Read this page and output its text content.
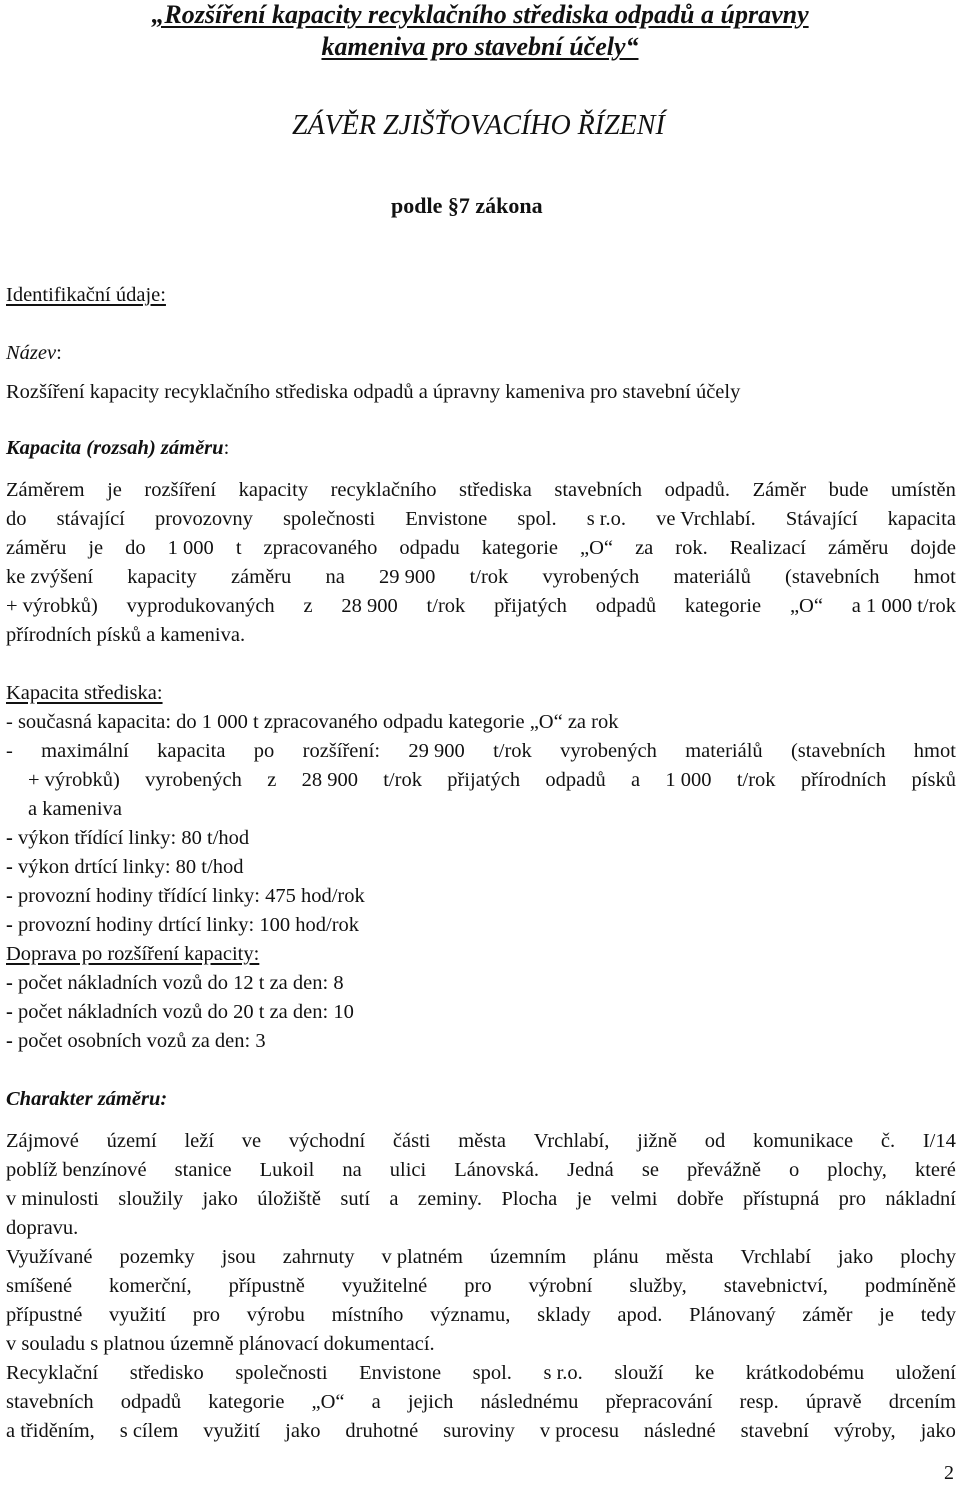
„Rozšíření kapacity recyklačního střediska odpadů a úpravny
kameniva pro stavební účely“
ZÁVĚR ZJIŠŤOVACÍHO ŘÍZENÍ
podle §7 zákona
Identifikační údaje:
Název:
Rozšíření kapacity recyklačního střediska odpadů a úpravny kameniva pro stavební účely
Kapacita (rozsah) záměru:
Záměrem je rozšíření kapacity recyklačního střediska stavebních odpadů. Záměr bude umístěn
do stávající provozovny společnosti Envistone spol. s r.o. ve Vrchlabí. Stávající kapacita
záměru je do 1 000 t zpracovaného odpadu kategorie „O“ za rok. Realizací záměru dojde
ke zvýšení kapacity záměru na 29 900 t/rok vyrobených materiálů (stavebních hmot
+ výrobků) vyprodukovaných z 28 900 t/rok přijatých odpadů kategorie „O“ a 1 000 t/rok
přírodních písků a kameniva.
Kapacita střediska:
- současná kapacita: do 1 000 t zpracovaného odpadu kategorie „O“ za rok
- maximální kapacita po rozšíření: 29 900 t/rok vyrobených materiálů (stavebních hmot
+ výrobků) vyrobených z 28 900 t/rok přijatých odpadů a 1 000 t/rok přírodních písků
a kameniva
- výkon třídící linky: 80 t/hod
- výkon drtící linky: 80 t/hod
- provozní hodiny třídící linky: 475 hod/rok
- provozní hodiny drtící linky: 100 hod/rok
Doprava po rozšíření kapacity:
- počet nákladních vozů do 12 t za den: 8
- počet nákladních vozů do 20 t za den: 10
- počet osobních vozů za den: 3
Charakter záměru:
Zájmové území leží ve východní části města Vrchlabí, jižně od komunikace č. I/14
poblíž benzínové stanice Lukoil na ulici Lánovská. Jedná se převážně o plochy, které
v minulosti sloužily jako úložiště sutí a zeminy. Plocha je velmi dobře přístupná pro nákladní
dopravu.
Využívané pozemky jsou zahrnuty v platném územním plánu města Vrchlabí jako plochy
smíšené komerční, přípustně využitelné pro výrobní služby, stavebnictví, podmíněně
přípustné využití pro výrobu místního významu, sklady apod. Plánovaný záměr je tedy
v souladu s platnou územně plánovací dokumentací.
Recyklační středisko společnosti Envistone spol. s r.o. slouží ke krátkodobému uložení
stavebních odpadů kategorie „O“ a jejich následnému přepracování resp. úpravě drcením
a třiděním, s cílem využití jako druhotné suroviny v procesu následné stavební výroby, jako
2
